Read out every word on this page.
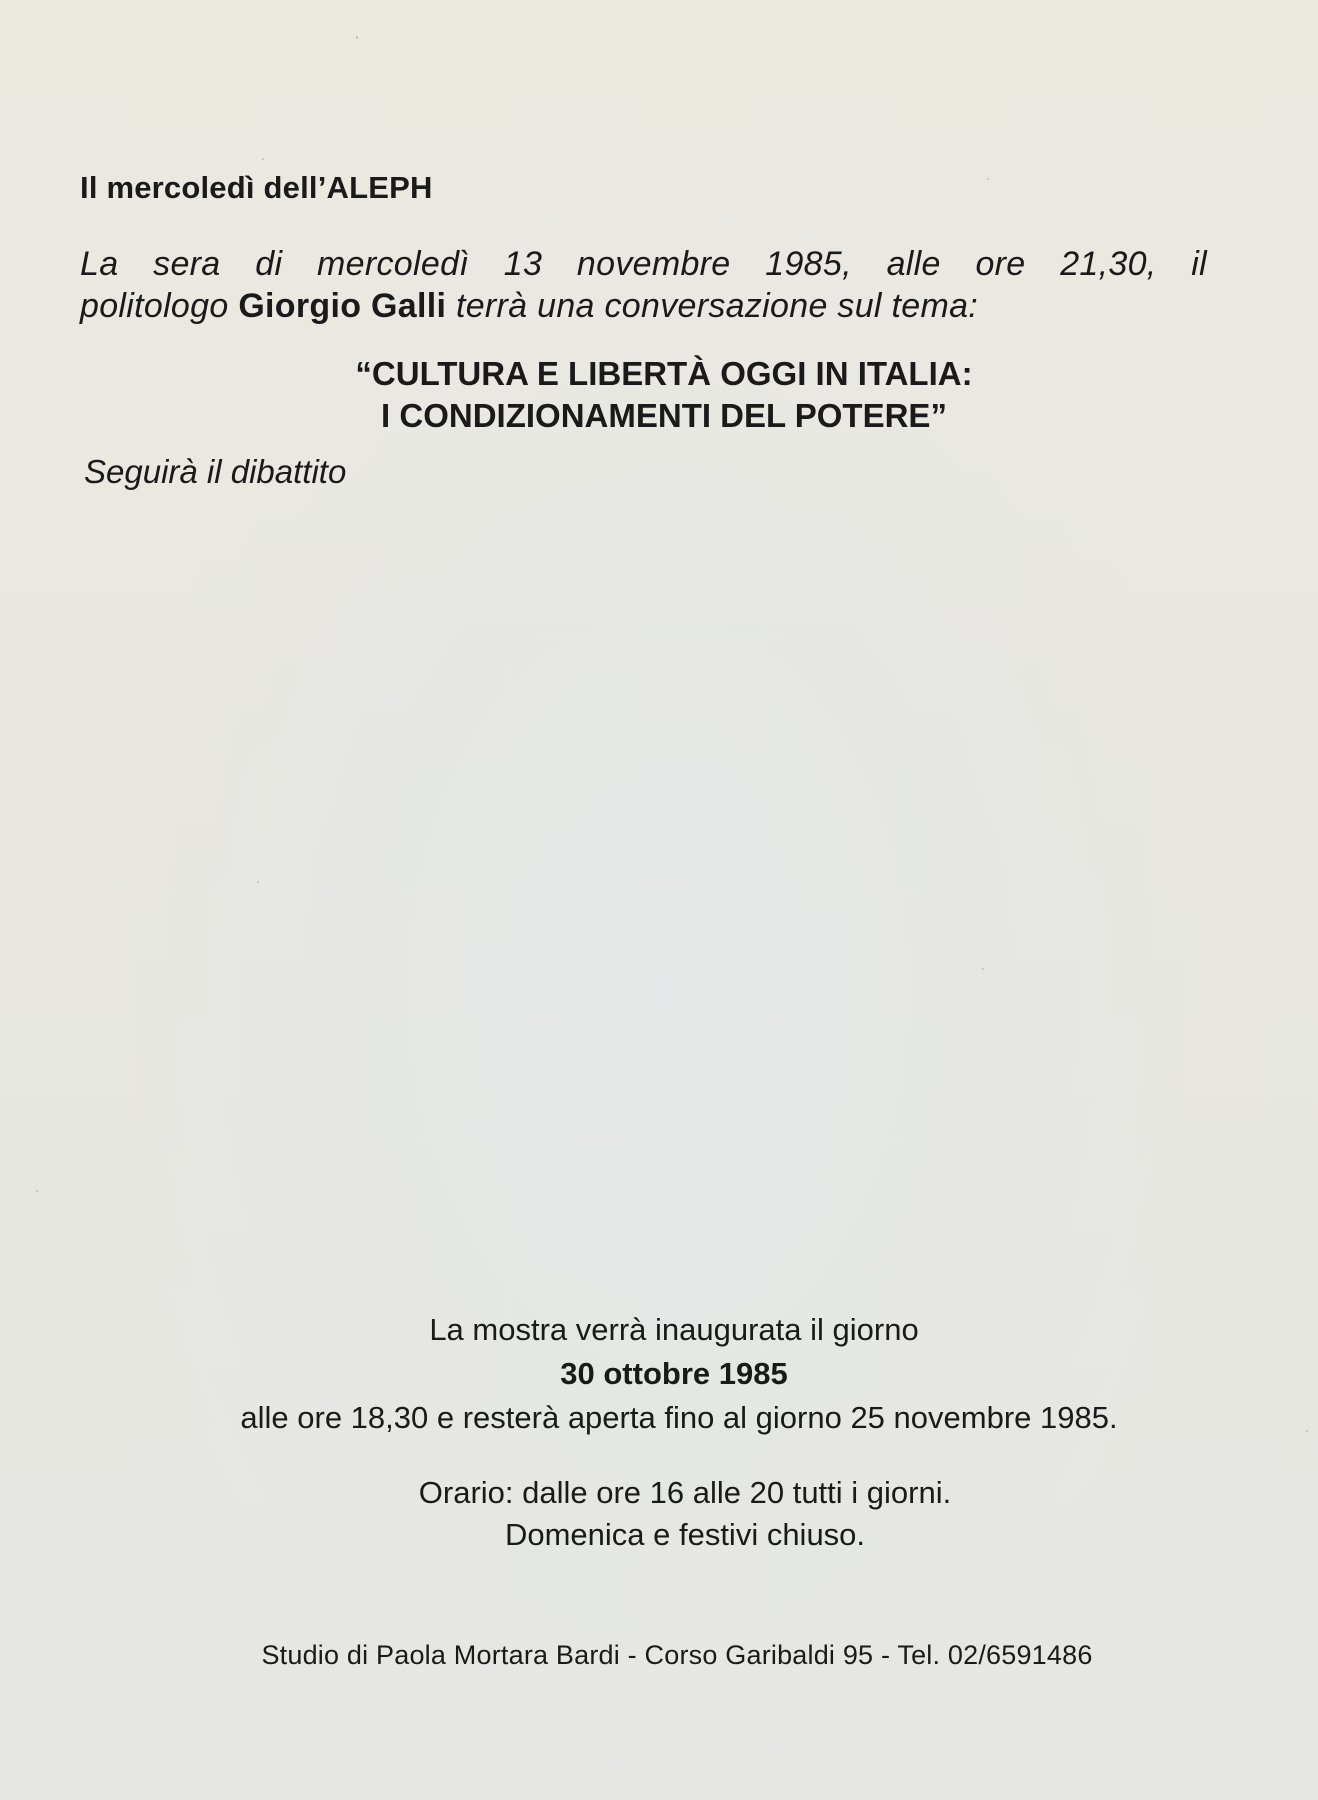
Il mercoledì dell’ALEPH
La sera di mercoledì 13 novembre 1985, alle ore 21,30, il
politologo Giorgio Galli terrà una conversazione sul tema:
“CULTURA E LIBERTÀ OGGI IN ITALIA:
I CONDIZIONAMENTI DEL POTERE”
Seguirà il dibattito
La mostra verrà inaugurata il giorno
30 ottobre 1985
alle ore 18,30 e resterà aperta fino al giorno 25 novembre 1985.
Orario: dalle ore 16 alle 20 tutti i giorni.
Domenica e festivi chiuso.
Studio di Paola Mortara Bardi - Corso Garibaldi 95 - Tel. 02/6591486
